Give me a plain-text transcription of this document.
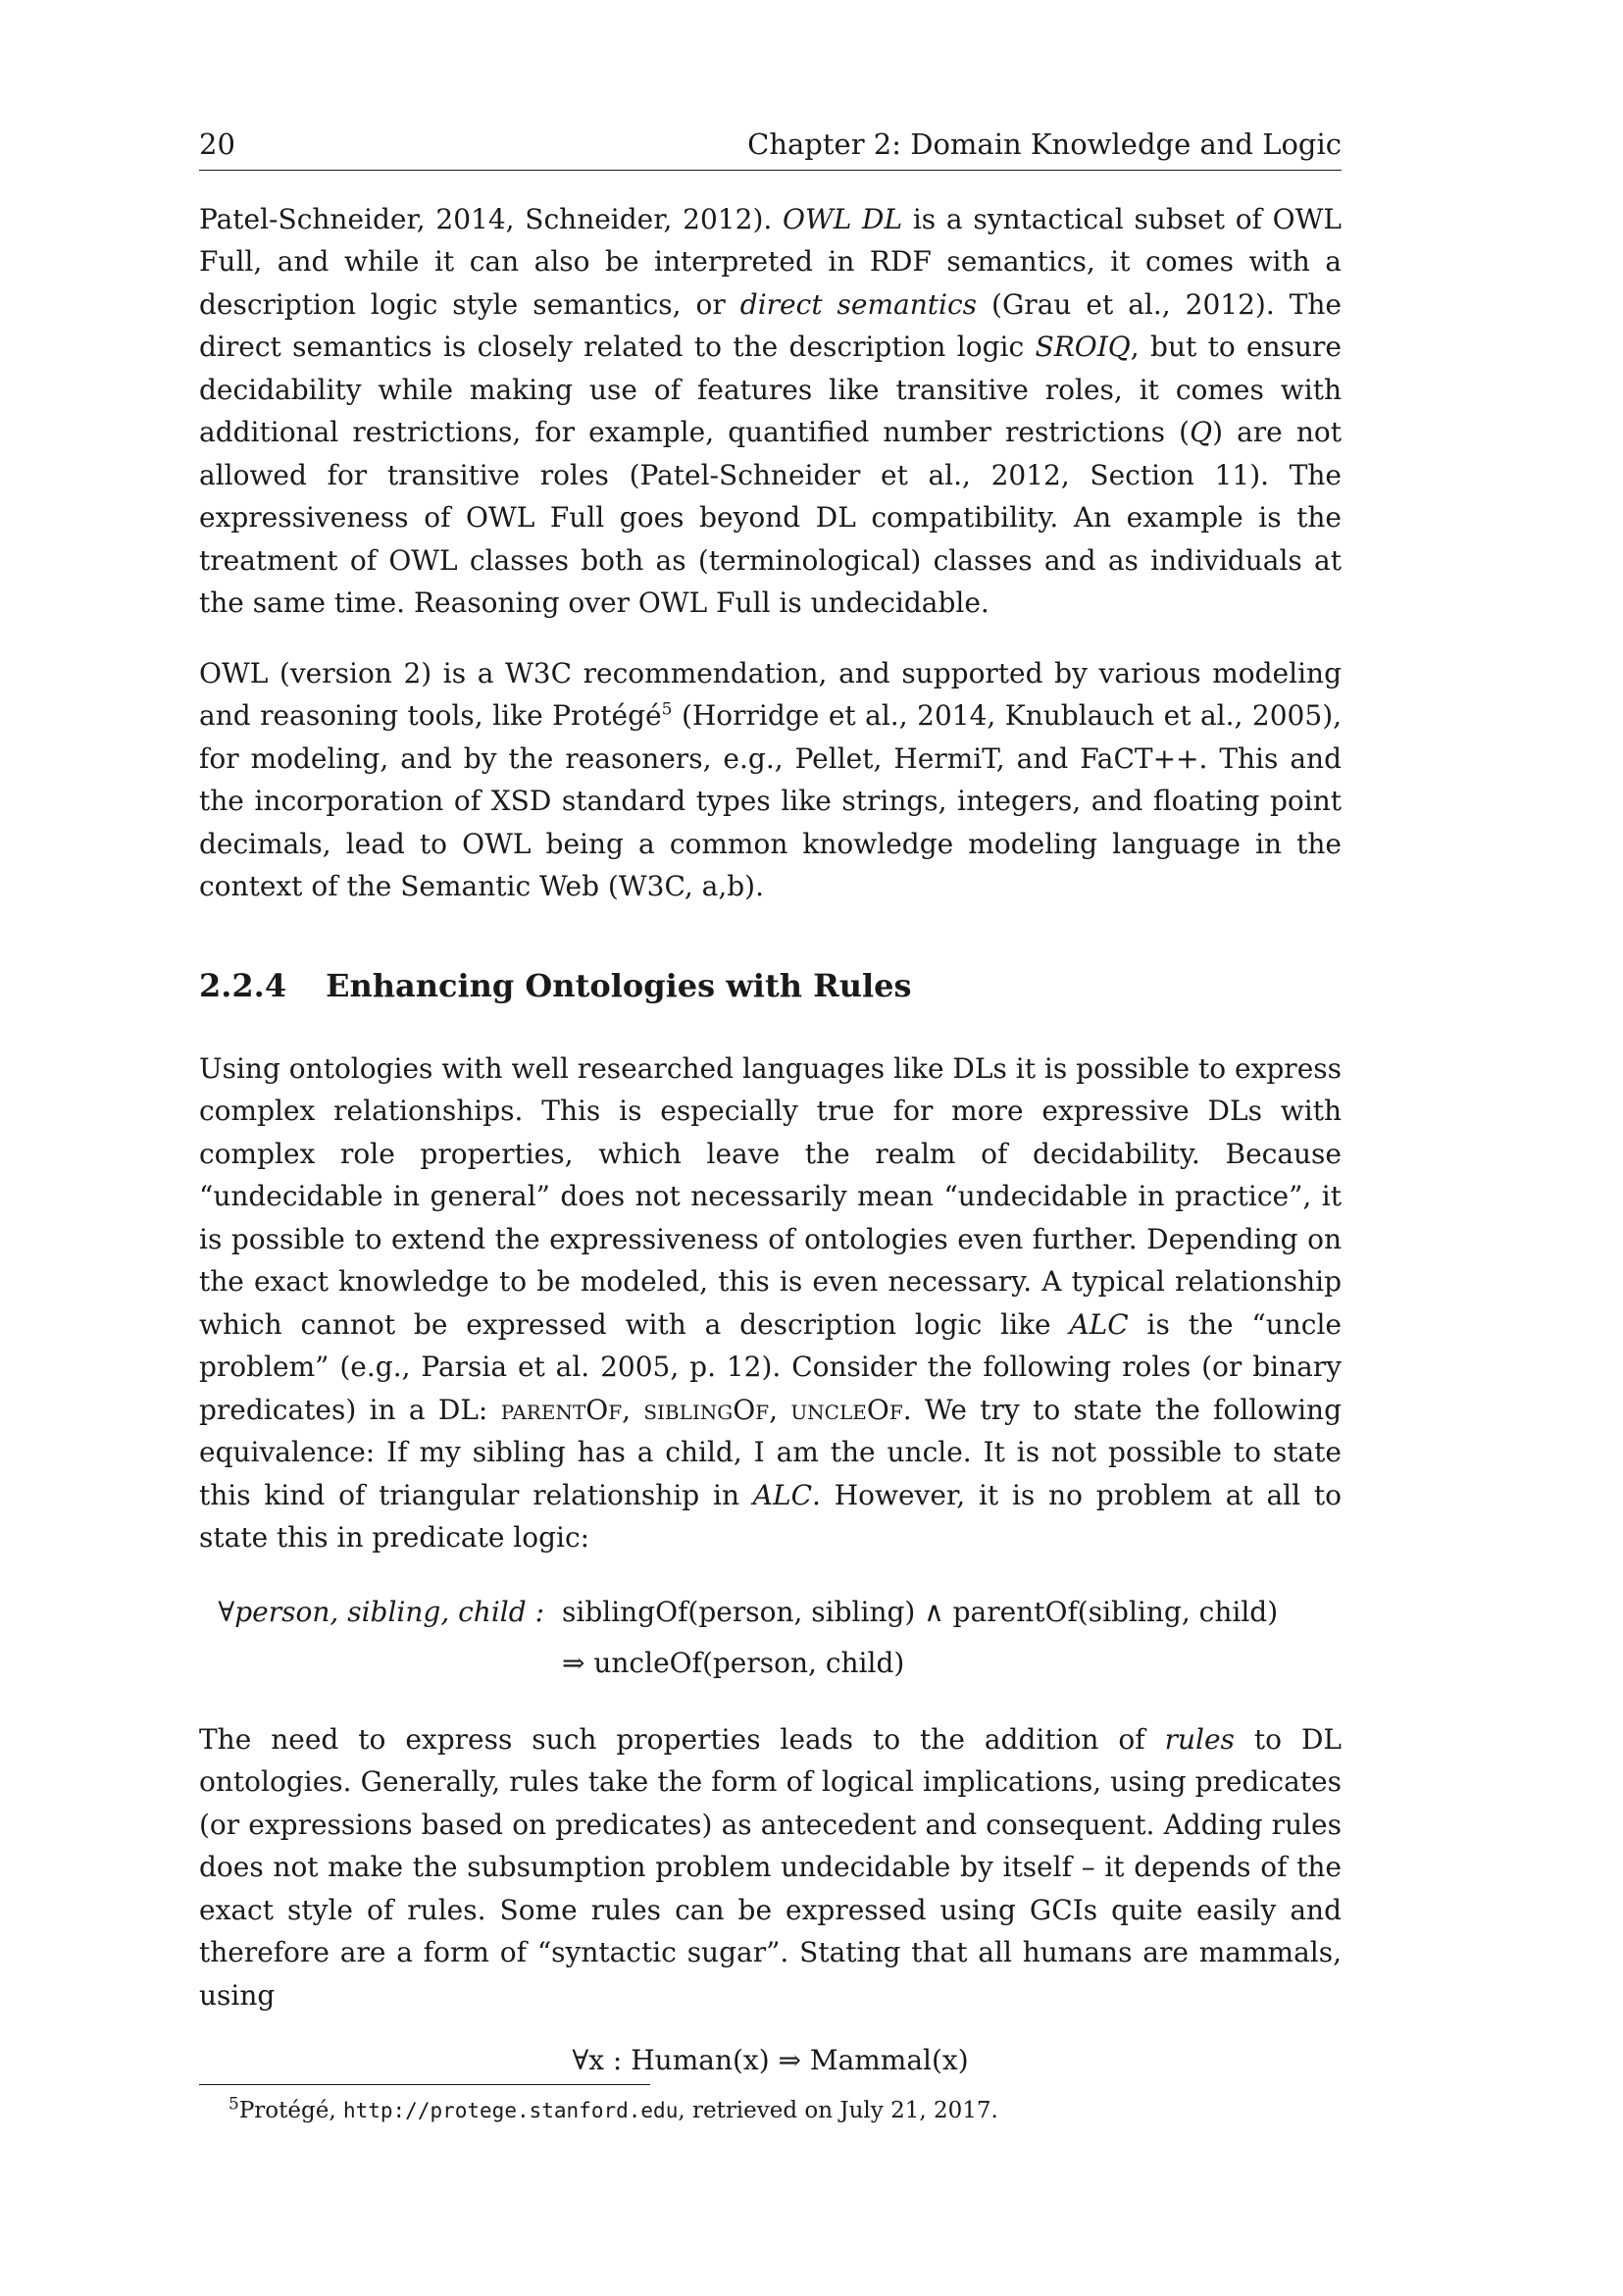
20	Chapter 2: Domain Knowledge and Logic

Patel-Schneider, 2014, Schneider, 2012). OWL DL is a syntactical subset of OWL Full, and while it can also be interpreted in RDF semantics, it comes with a description logic style semantics, or direct semantics (Grau et al., 2012). The direct semantics is closely related to the description logic SROIQ, but to ensure decidability while making use of features like transitive roles, it comes with additional restrictions, for example, quantified number restrictions (Q) are not allowed for transitive roles (Patel-Schneider et al., 2012, Section 11). The expressiveness of OWL Full goes beyond DL compatibility. An example is the treatment of OWL classes both as (terminological) classes and as individuals at the same time. Reasoning over OWL Full is undecidable.

OWL (version 2) is a W3C recommendation, and supported by various modeling and reasoning tools, like Protégé$^5$ (Horridge et al., 2014, Knublauch et al., 2005), for modeling, and by the reasoners, e.g., Pellet, HermiT, and FaCT++. This and the incorporation of XSD standard types like strings, integers, and floating point decimals, lead to OWL being a common knowledge modeling language in the context of the Semantic Web (W3C, a,b).

2.2.4 Enhancing Ontologies with Rules

Using ontologies with well researched languages like DLs it is possible to express complex relationships. This is especially true for more expressive DLs with complex role properties, which leave the realm of decidability. Because “undecidable in general” does not necessarily mean “undecidable in practice”, it is possible to extend the expressiveness of ontologies even further. Depending on the exact knowledge to be modeled, this is even necessary. A typical relationship which cannot be expressed with a description logic like ALC is the “uncle problem” (e.g., Parsia et al. 2005, p. 12). Consider the following roles (or binary predicates) in a DL: parentOf, siblingOf, uncleOf. We try to state the following equivalence: If my sibling has a child, I am the uncle. It is not possible to state this kind of triangular relationship in ALC. However, it is no problem at all to state this in predicate logic:

∀person, sibling, child : siblingOf(person, sibling) ∧ parentOf(sibling, child)
⇒ uncleOf(person, child)

The need to express such properties leads to the addition of rules to DL ontologies. Generally, rules take the form of logical implications, using predicates (or expressions based on predicates) as antecedent and consequent. Adding rules does not make the subsumption problem undecidable by itself – it depends of the exact style of rules. Some rules can be expressed using GCIs quite easily and therefore are a form of “syntactic sugar”. Stating that all humans are mammals, using

∀x : Human(x) ⇒ Mammal(x)
$^5$Protégé, http://protege.stanford.edu, retrieved on July 21, 2017.
